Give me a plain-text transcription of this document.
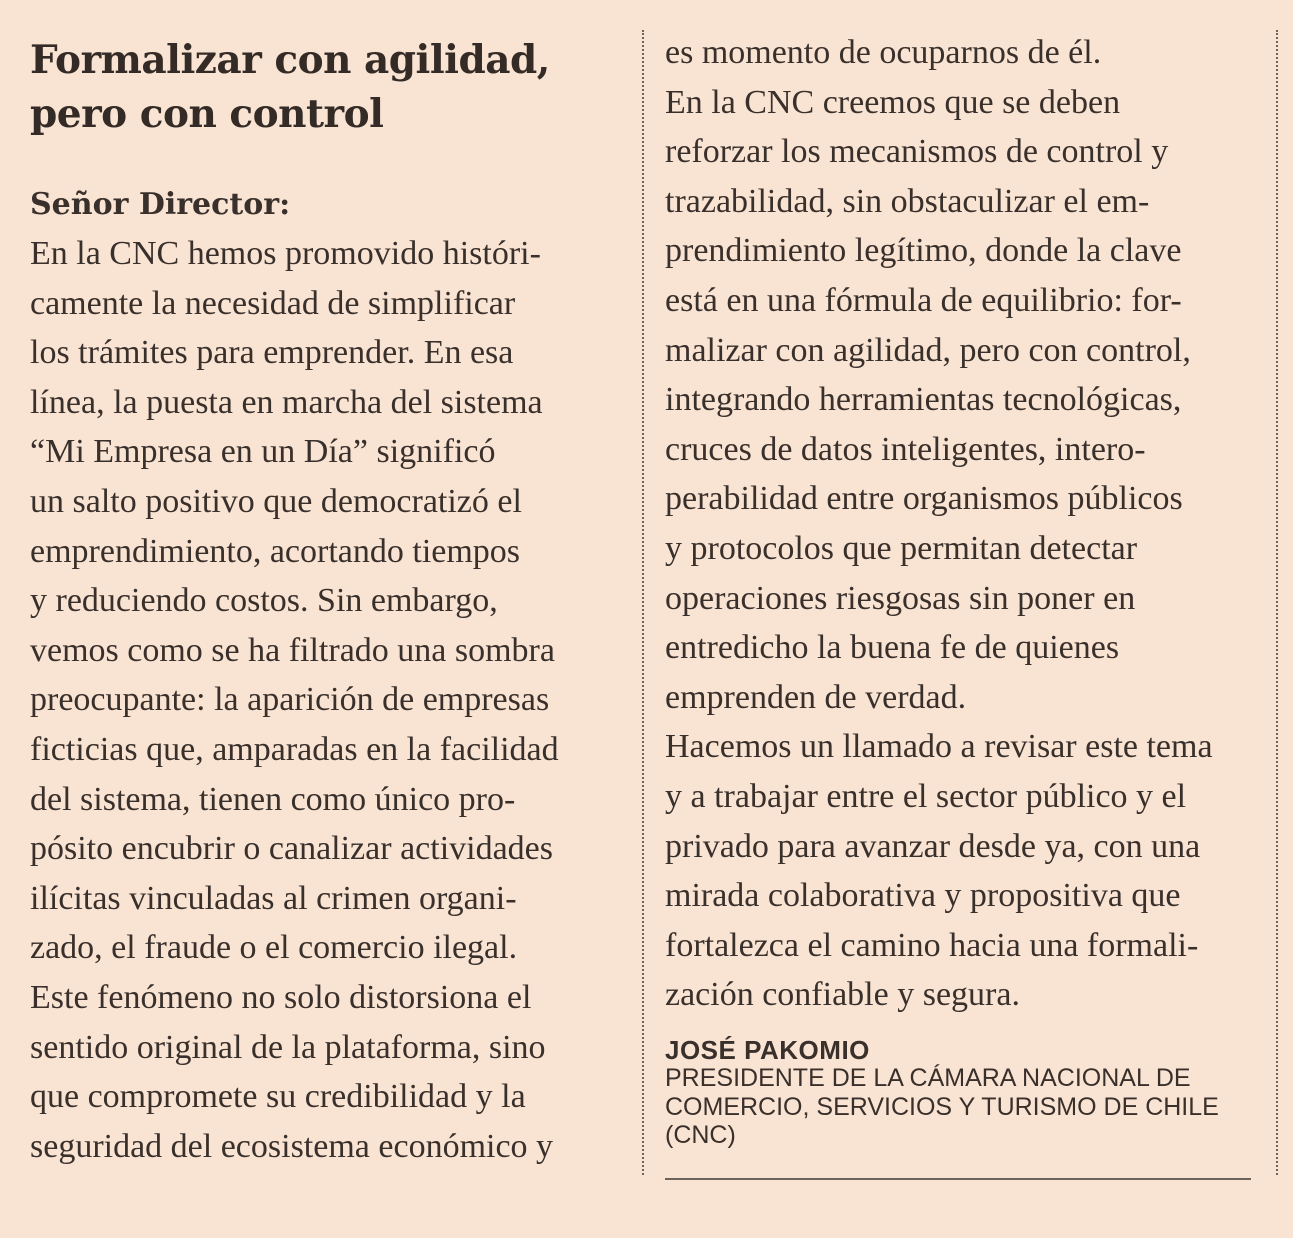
Formalizar con agilidad, pero con control
Señor Director:
En la CNC hemos promovido históri-
camente la necesidad de simplificar
los trámites para emprender. En esa
línea, la puesta en marcha del sistema
“Mi Empresa en un Día” significó
un salto positivo que democratizó el
emprendimiento, acortando tiempos
y reduciendo costos. Sin embargo,
vemos como se ha filtrado una sombra
preocupante: la aparición de empresas
ficticias que, amparadas en la facilidad
del sistema, tienen como único pro-
pósito encubrir o canalizar actividades
ilícitas vinculadas al crimen organi-
zado, el fraude o el comercio ilegal.
Este fenómeno no solo distorsiona el
sentido original de la plataforma, sino
que compromete su credibilidad y la
seguridad del ecosistema económico y
es momento de ocuparnos de él.
En la CNC creemos que se deben
reforzar los mecanismos de control y
trazabilidad, sin obstaculizar el em-
prendimiento legítimo, donde la clave
está en una fórmula de equilibrio: for-
malizar con agilidad, pero con control,
integrando herramientas tecnológicas,
cruces de datos inteligentes, intero-
perabilidad entre organismos públicos
y protocolos que permitan detectar
operaciones riesgosas sin poner en
entredicho la buena fe de quienes
emprenden de verdad.
Hacemos un llamado a revisar este tema
y a trabajar entre el sector público y el
privado para avanzar desde ya, con una
mirada colaborativa y propositiva que
fortalezca el camino hacia una formali-
zación confiable y segura.
JOSÉ PAKOMIO
PRESIDENTE DE LA CÁMARA NACIONAL DE
COMERCIO, SERVICIOS Y TURISMO DE CHILE
(CNC)
